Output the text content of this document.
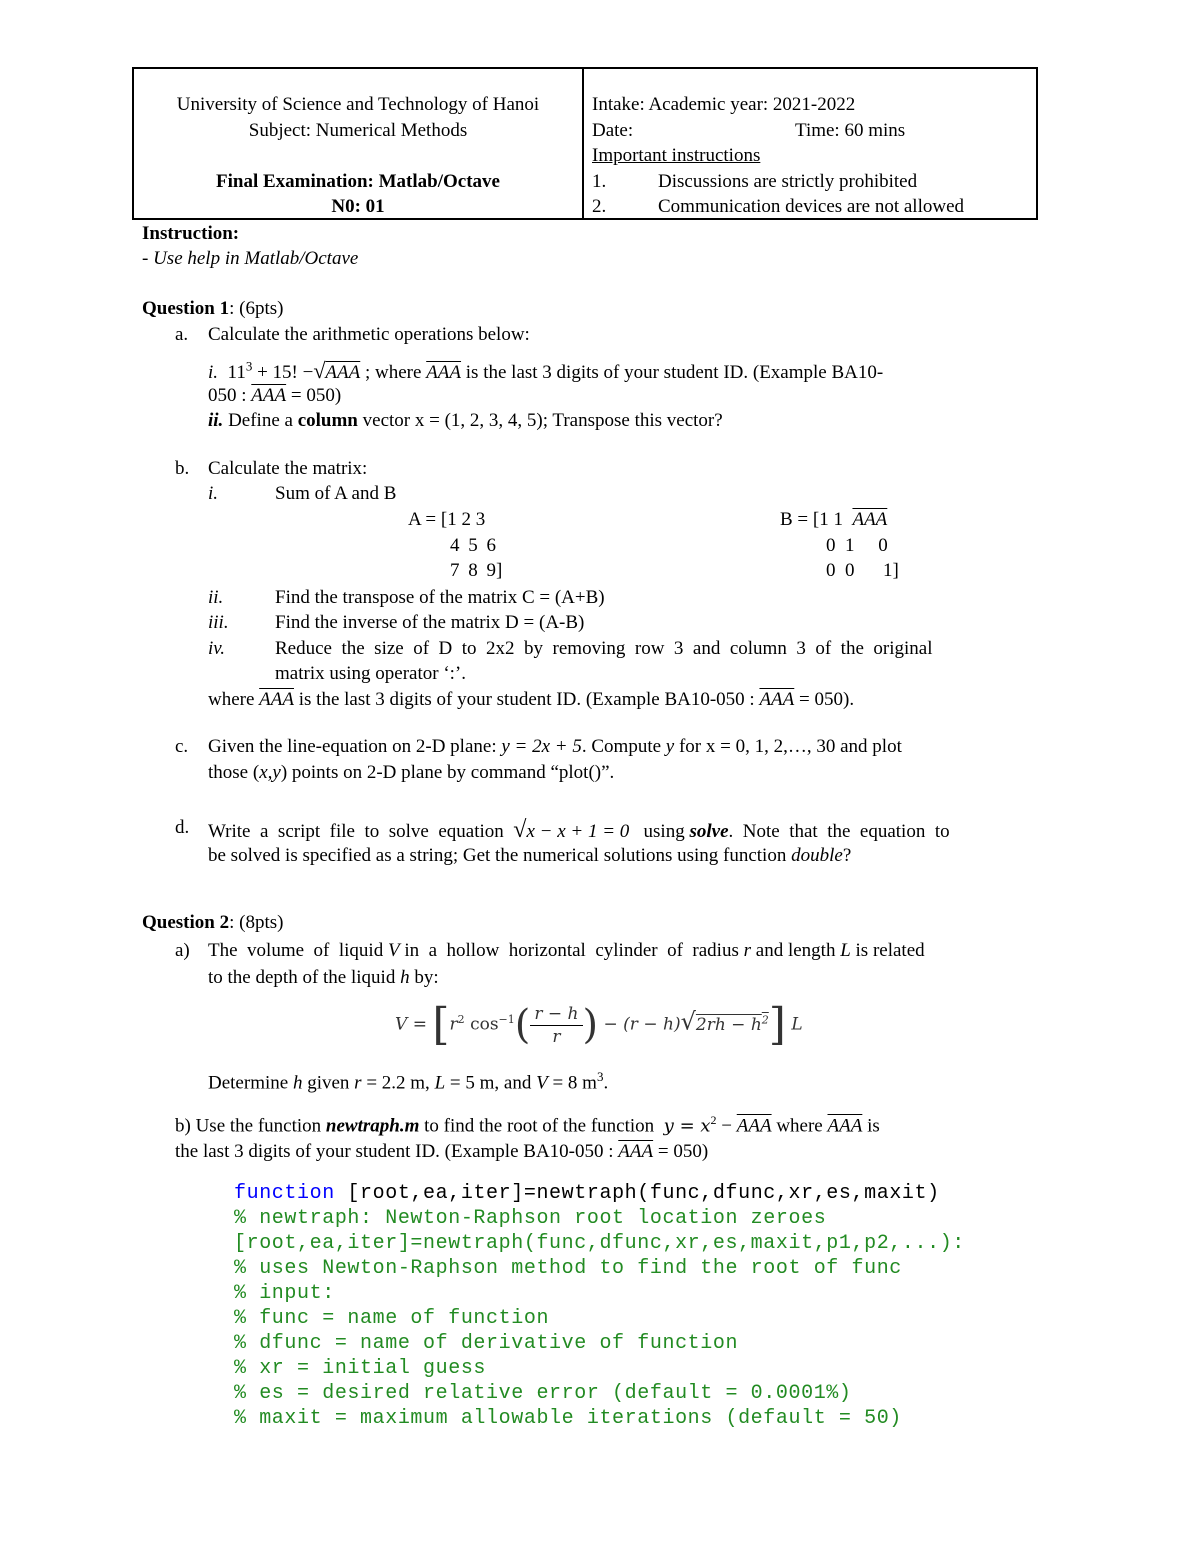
University of Science and Technology of Hanoi
Subject: Numerical Methods
Final Examination: Matlab/Octave
N0: 01
Intake: Academic year: 2021-2022
Date:	Time: 60 mins
Important instructions
1.	Discussions are strictly prohibited
2.	Communication devices are not allowed
Instruction:
- Use help in Matlab/Octave
Question 1: (6pts)
a. Calculate the arithmetic operations below:
i. $11^3 + 15$! −√AAA ; where $\overline{AAA}$ is the last 3 digits of your student ID. (Example BA10-
050 : $\overline{AAA} = 050$)
ii. Define a column vector x = (1, 2, 3, 4, 5); Transpose this vector?
b. Calculate the matrix:
i.	Sum of A and B
A = [1 2 3
4 5 6
7 8 9]
B = [1 1 $\overline{AAA}$
0  1     0
0  0      1]
ii.	Find the transpose of the matrix C = (A+B)
iii. Find the inverse of the matrix D = (A-B)
iv.	Reduce  the  size  of  D  to  2x2  by  removing  row  3  and  column  3  of  the  original
matrix using operator ‘:’.
where $\overline{AAA}$ is the last 3 digits of your student ID. (Example BA10-050 : $\overline{AAA} = 050$).
c. Given the line-equation on 2-D plane: y = 2x + 5. Compute y for x = 0, 1, 2,…, 30 and plot
those (x,y) points on 2-D plane by command “plot()”.
d. Write  a  script  file  to  solve  equation √x − x + 1 = 0 using solve.  Note  that  the  equation  to
be solved is specified as a string; Get the numerical solutions using function double?
Question 2: (8pts)
a) The  volume  of  liquid V in  a  hollow  horizontal  cylinder  of  radius r and length L is related
to the depth of the liquid h by:
$V = [r^2$ $\cos^{-1}( \frac{r - h}{r}$ ) − $(r - h)√2rh - h^2$] L
Determine h given r = 2.2 m, L = 5 m, and V = 8 $m^3$.
b) Use the function newtraph.m to find the root of the function $y = x^2 - \overline{AAA}$ where $\overline{AAA}$ is
the last 3 digits of your student ID. (Example BA10-050 : $\overline{AAA} = 050$)
function [root,ea,iter]=newtraph(func,dfunc,xr,es,maxit)
% newtraph: Newton-Raphson root location zeroes
[root,ea,iter]=newtraph(func,dfunc,xr,es,maxit,p1,p2,...):
% uses Newton-Raphson method to find the root of func
% input:
% func = name of function
% dfunc = name of derivative of function
% xr = initial guess
% es = desired relative error (default = 0.0001%)
% maxit = maximum allowable iterations (default = 50)
